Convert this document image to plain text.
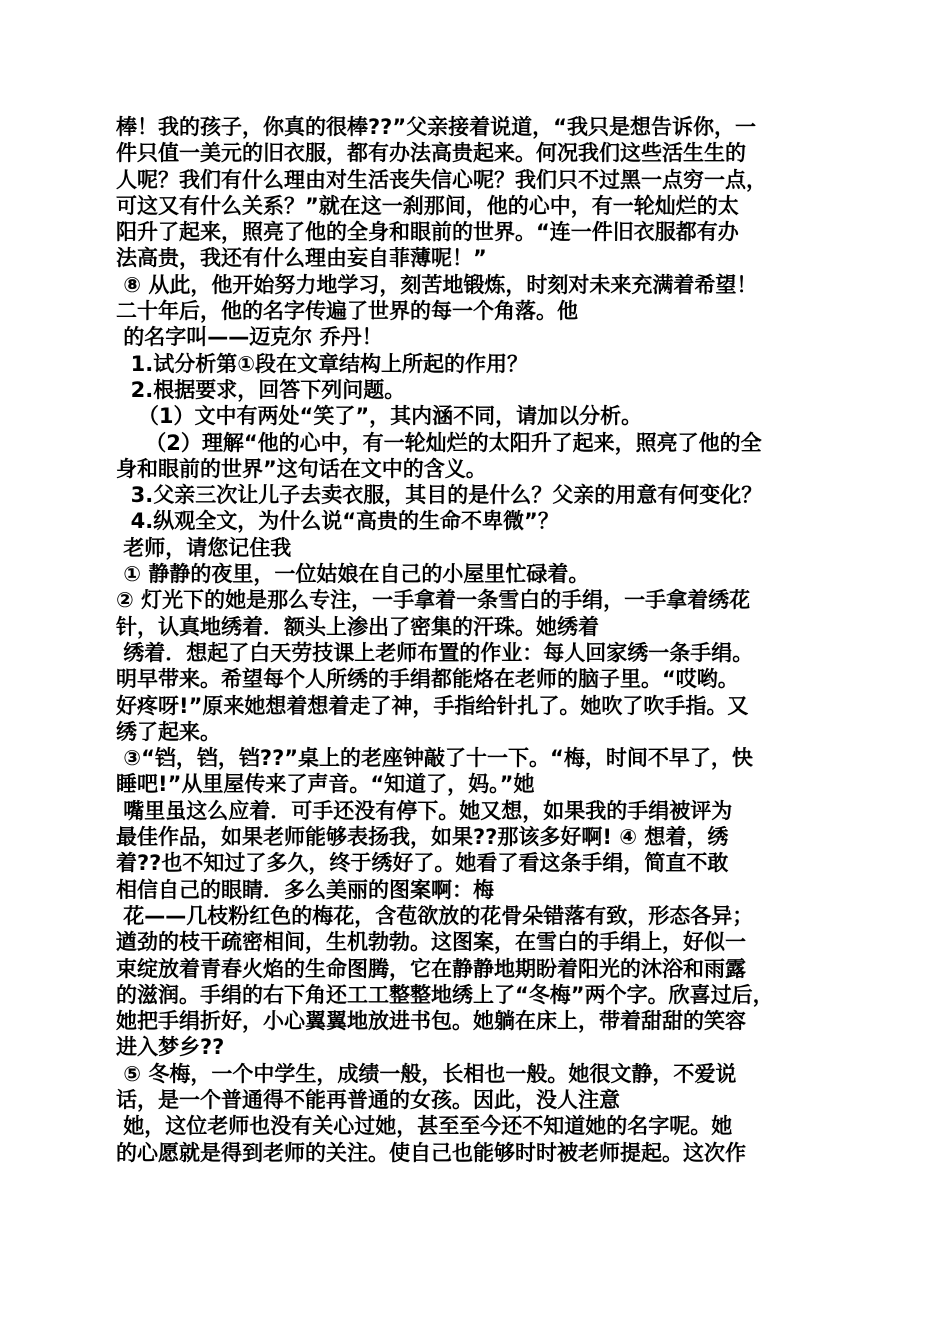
棒！我的孩子，你真的很棒??”父亲接着说道，“我只是想告诉你，一
件只值一美元的旧衣服，都有办法高贵起来。何况我们这些活生生的
人呢？我们有什么理由对生活丧失信心呢？我们只不过黑一点穷一点，
可这又有什么关系？”就在这一刹那间，他的心中，有一轮灿烂的太
阳升了起来，照亮了他的全身和眼前的世界。“连一件旧衣服都有办
法高贵，我还有什么理由妄自菲薄呢！”
⑧ 从此，他开始努力地学习，刻苦地锻炼，时刻对未来充满着希望！
二十年后，他的名字传遍了世界的每一个角落。他
的名字叫——迈克尔 乔丹！
1.试分析第①段在文章结构上所起的作用？
2.根据要求，回答下列问题。
（1）文中有两处“笑了”，其内涵不同，请加以分析。
（2）理解“他的心中，有一轮灿烂的太阳升了起来，照亮了他的全
身和眼前的世界”这句话在文中的含义。
3.父亲三次让儿子去卖衣服，其目的是什么？父亲的用意有何变化？
4.纵观全文，为什么说“高贵的生命不卑微”？
老师，请您记住我
① 静静的夜里，一位姑娘在自己的小屋里忙碌着。
② 灯光下的她是那么专注，一手拿着一条雪白的手绢，一手拿着绣花
针，认真地绣着．额头上渗出了密集的汗珠。她绣着
绣着．想起了白天劳技课上老师布置的作业：每人回家绣一条手绢。
明早带来。希望每个人所绣的手绢都能烙在老师的脑子里。“哎哟。
好疼呀!”原来她想着想着走了神，手指给针扎了。她吹了吹手指。又
绣了起来。
③“铛，铛，铛??”桌上的老座钟敲了十一下。“梅，时间不早了，快
睡吧!”从里屋传来了声音。“知道了，妈。”她
嘴里虽这么应着．可手还没有停下。她又想，如果我的手绢被评为
最佳作品，如果老师能够表扬我，如果??那该多好啊! ④ 想着，绣
着??也不知过了多久，终于绣好了。她看了看这条手绢，简直不敢
相信自己的眼睛．多么美丽的图案啊：梅
花——几枝粉红色的梅花，含苞欲放的花骨朵错落有致，形态各异；
遒劲的枝干疏密相间，生机勃勃。这图案，在雪白的手绢上，好似一
束绽放着青春火焰的生命图腾，它在静静地期盼着阳光的沐浴和雨露
的滋润。手绢的右下角还工工整整地绣上了“冬梅”两个字。欣喜过后，
她把手绢折好，小心翼翼地放进书包。她躺在床上，带着甜甜的笑容
进入梦乡??
⑤ 冬梅，一个中学生，成绩一般，长相也一般。她很文静，不爱说
话，是一个普通得不能再普通的女孩。因此，没人注意
她，这位老师也没有关心过她，甚至至今还不知道她的名字呢。她
的心愿就是得到老师的关注。使自己也能够时时被老师提起。这次作
